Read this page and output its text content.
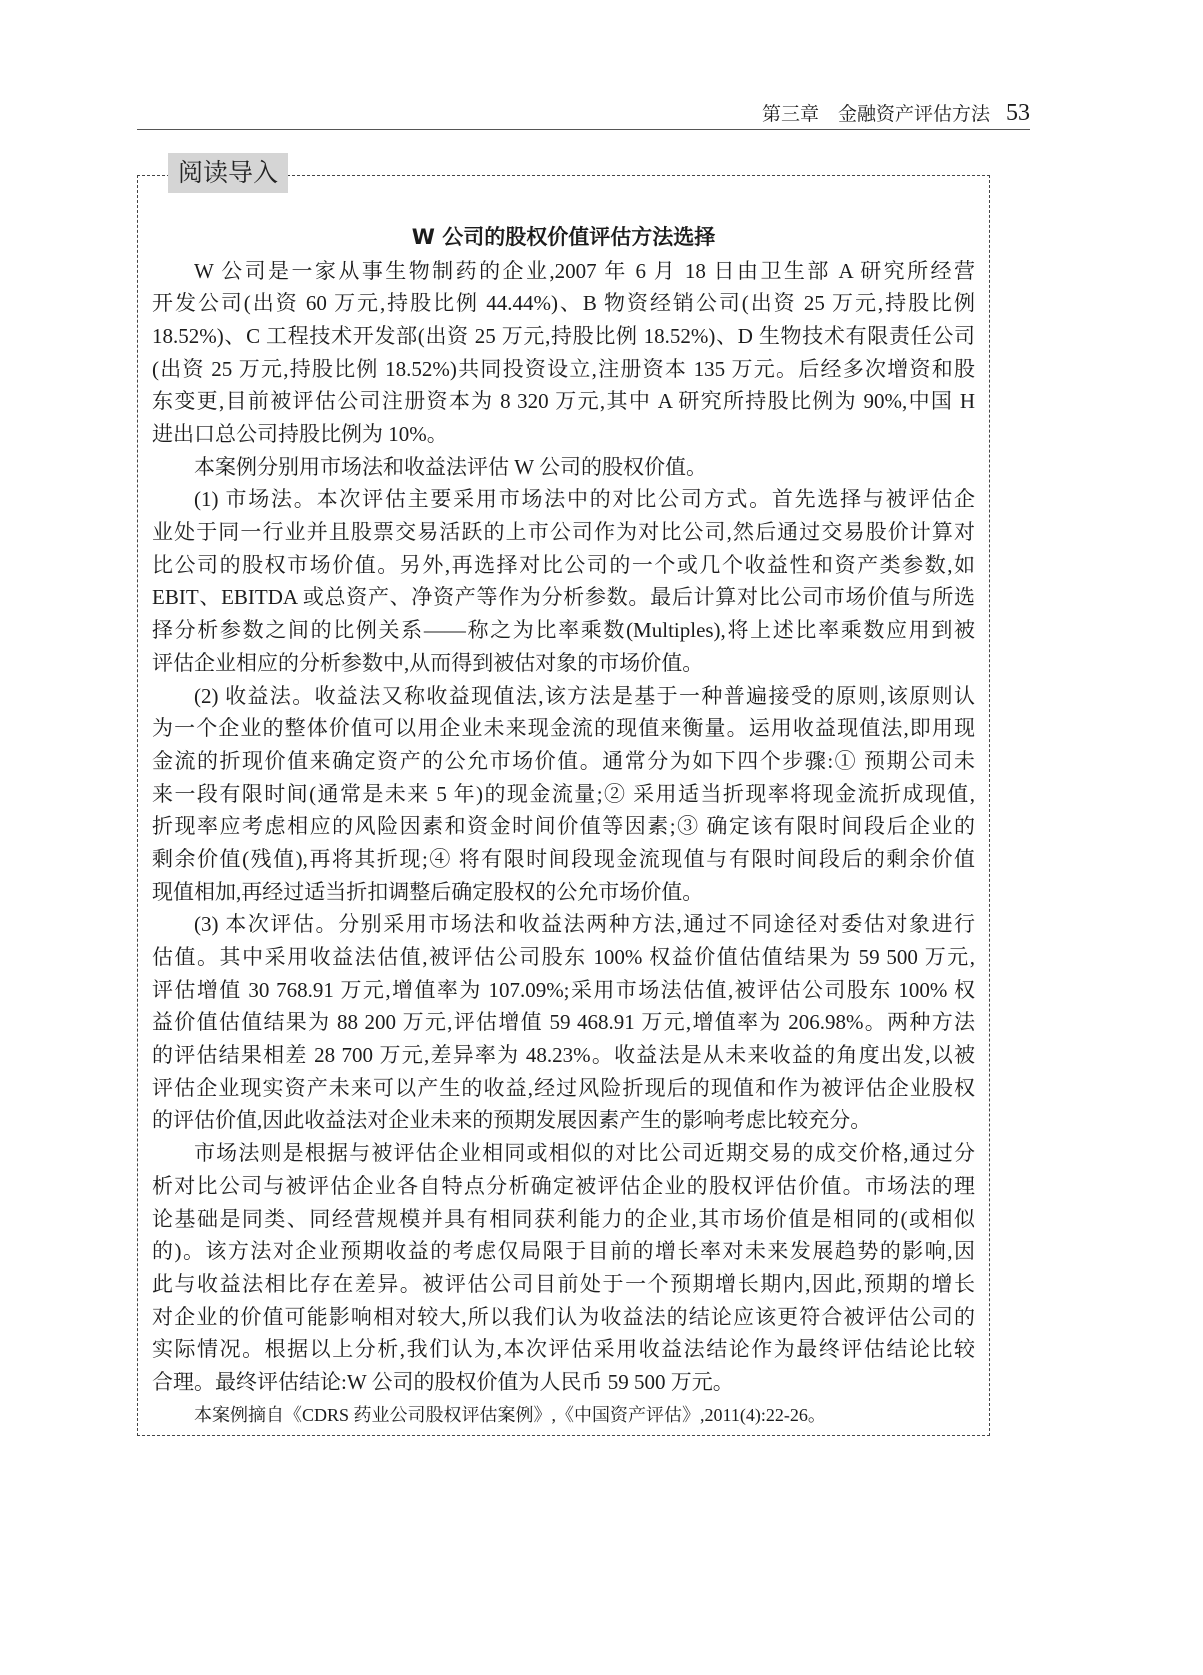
第三章 金融资产评估方法 53
阅读导入
W 公司的股权价值评估方法选择
W 公司是一家从事生物制药的企业,2007 年 6 月 18 日由卫生部 A 研究所经营
开发公司(出资 60 万元,持股比例 44.44%)、B 物资经销公司(出资 25 万元,持股比例
18.52%)、C 工程技术开发部(出资 25 万元,持股比例 18.52%)、D 生物技术有限责任公司
(出资 25 万元,持股比例 18.52%)共同投资设立,注册资本 135 万元。后经多次增资和股
东变更,目前被评估公司注册资本为 8 320 万元,其中 A 研究所持股比例为 90%,中国 H
进出口总公司持股比例为 10%。
本案例分别用市场法和收益法评估 W 公司的股权价值。
(1) 市场法。本次评估主要采用市场法中的对比公司方式。首先选择与被评估企
业处于同一行业并且股票交易活跃的上市公司作为对比公司,然后通过交易股价计算对
比公司的股权市场价值。另外,再选择对比公司的一个或几个收益性和资产类参数,如
EBIT、EBITDA 或总资产、净资产等作为分析参数。最后计算对比公司市场价值与所选
择分析参数之间的比例关系——称之为比率乘数(Multiples),将上述比率乘数应用到被
评估企业相应的分析参数中,从而得到被估对象的市场价值。
(2) 收益法。收益法又称收益现值法,该方法是基于一种普遍接受的原则,该原则认
为一个企业的整体价值可以用企业未来现金流的现值来衡量。运用收益现值法,即用现
金流的折现价值来确定资产的公允市场价值。通常分为如下四个步骤:① 预期公司未
来一段有限时间(通常是未来 5 年)的现金流量;② 采用适当折现率将现金流折成现值,
折现率应考虑相应的风险因素和资金时间价值等因素;③ 确定该有限时间段后企业的
剩余价值(残值),再将其折现;④ 将有限时间段现金流现值与有限时间段后的剩余价值
现值相加,再经过适当折扣调整后确定股权的公允市场价值。
(3) 本次评估。分别采用市场法和收益法两种方法,通过不同途径对委估对象进行
估值。其中采用收益法估值,被评估公司股东 100% 权益价值估值结果为 59 500 万元,
评估增值 30 768.91 万元,增值率为 107.09%;采用市场法估值,被评估公司股东 100% 权
益价值估值结果为 88 200 万元,评估增值 59 468.91 万元,增值率为 206.98%。两种方法
的评估结果相差 28 700 万元,差异率为 48.23%。收益法是从未来收益的角度出发,以被
评估企业现实资产未来可以产生的收益,经过风险折现后的现值和作为被评估企业股权
的评估价值,因此收益法对企业未来的预期发展因素产生的影响考虑比较充分。
市场法则是根据与被评估企业相同或相似的对比公司近期交易的成交价格,通过分
析对比公司与被评估企业各自特点分析确定被评估企业的股权评估价值。市场法的理
论基础是同类、同经营规模并具有相同获利能力的企业,其市场价值是相同的(或相似
的)。该方法对企业预期收益的考虑仅局限于目前的增长率对未来发展趋势的影响,因
此与收益法相比存在差异。被评估公司目前处于一个预期增长期内,因此,预期的增长
对企业的价值可能影响相对较大,所以我们认为收益法的结论应该更符合被评估公司的
实际情况。根据以上分析,我们认为,本次评估采用收益法结论作为最终评估结论比较
合理。最终评估结论:W 公司的股权价值为人民币 59 500 万元。
本案例摘自《CDRS 药业公司股权评估案例》,《中国资产评估》,2011(4):22-26。
